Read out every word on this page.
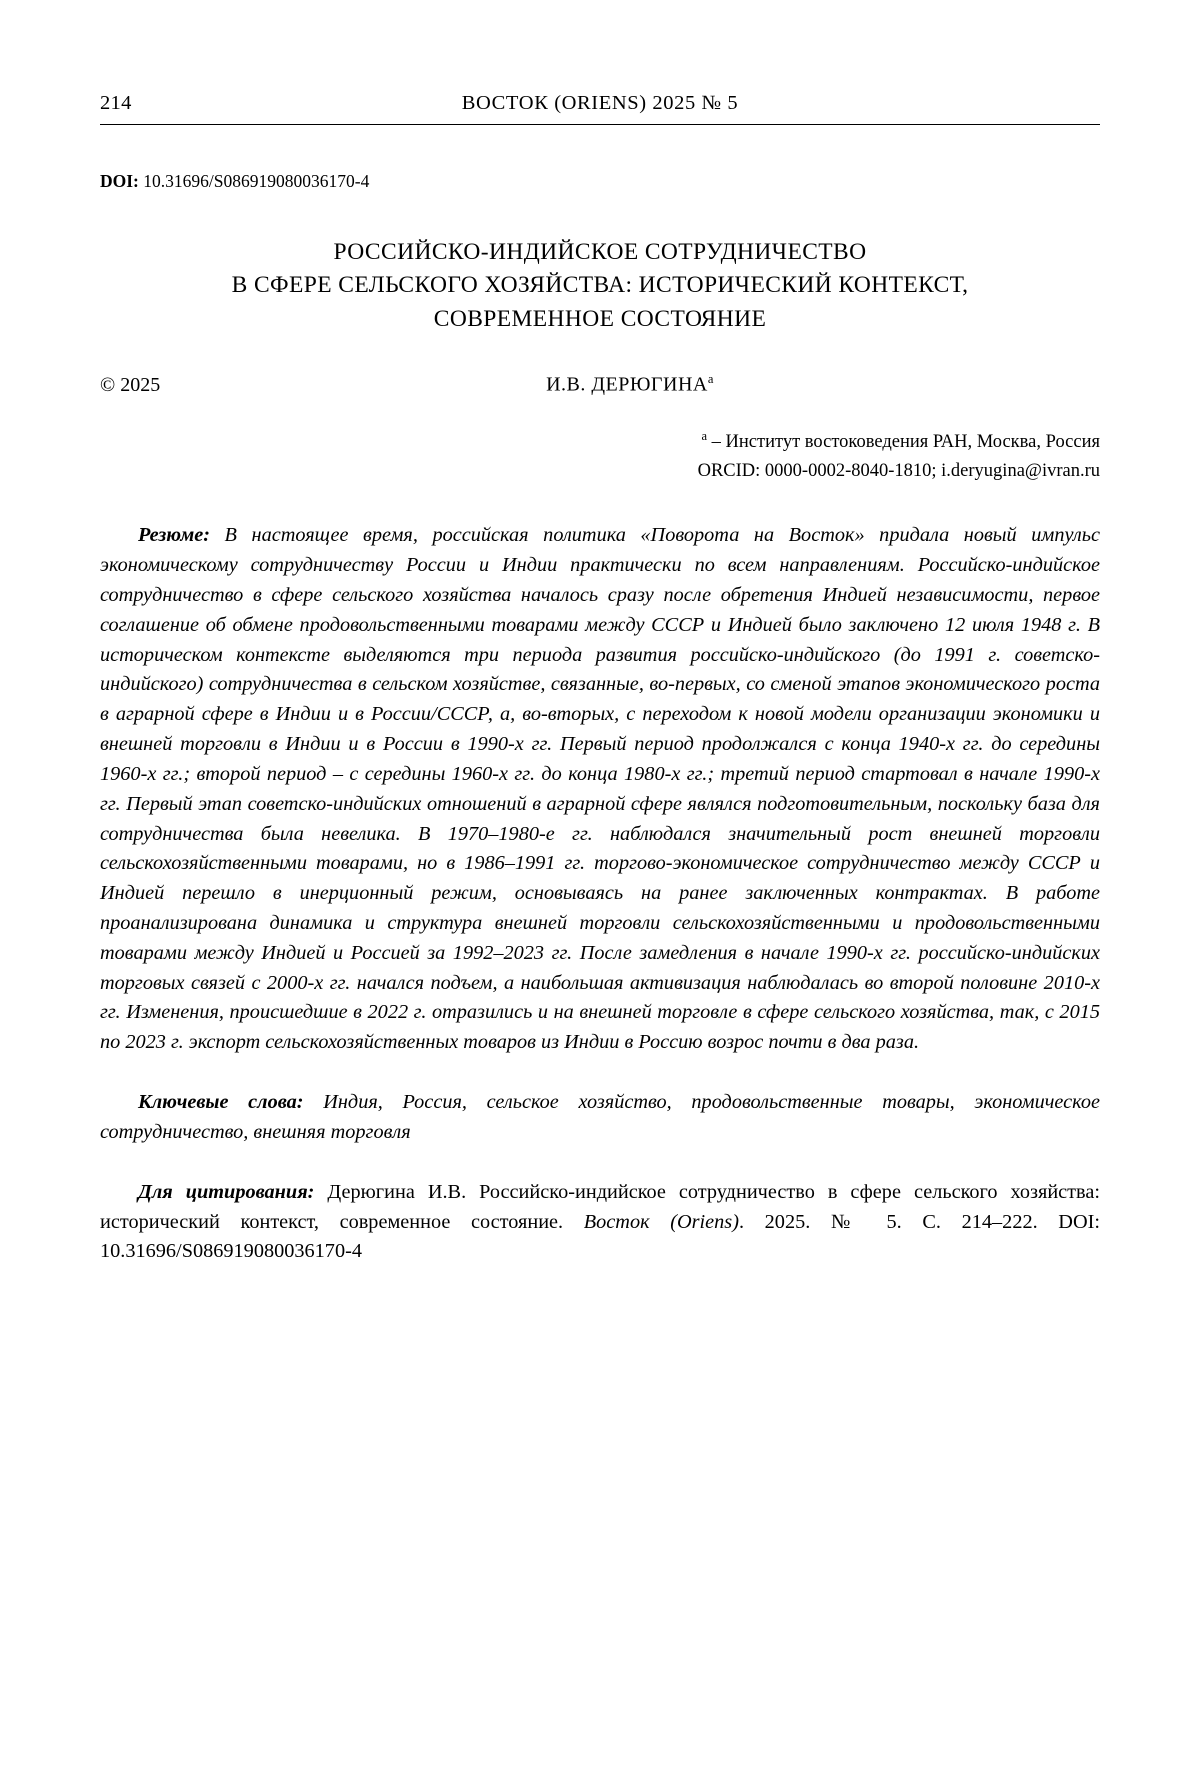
214	ВОСТОК (ORIENS) 2025 № 5
DOI: 10.31696/S086919080036170-4
РОССИЙСКО-ИНДИЙСКОЕ СОТРУДНИЧЕСТВО
В СФЕРЕ СЕЛЬСКОГО ХОЗЯЙСТВА: ИСТОРИЧЕСКИЙ КОНТЕКСТ,
СОВРЕМЕННОЕ СОСТОЯНИЕ
© 2025	И.В. ДЕРЮГИНА$^a$
$^a$ – Институт востоковедения РАН, Москва, Россия
ORCID: 0000-0002-8040-1810; i.deryugina@ivran.ru
Резюме: В настоящее время, российская политика «Поворота на Восток» придала новый импульс экономическому сотрудничеству России и Индии практически по всем направлениям. Российско-индийское сотрудничество в сфере сельского хозяйства началось сразу после обретения Индией независимости, первое соглашение об обмене продовольственными товарами между СССР и Индией было заключено 12 июля 1948 г. В историческом контексте выделяются три периода развития российско-индийского (до 1991 г. советско-индийского) сотрудничества в сельском хозяйстве, связанные, во-первых, со сменой этапов экономического роста в аграрной сфере в Индии и в России/СССР, а, во-вторых, с переходом к новой модели организации экономики и внешней торговли в Индии и в России в 1990-х гг. Первый период продолжался с конца 1940-х гг. до середины 1960-х гг.; второй период – с середины 1960-х гг. до конца 1980-х гг.; третий период стартовал в начале 1990-х гг. Первый этап советско-индийских отношений в аграрной сфере являлся подготовительным, поскольку база для сотрудничества была невелика. В 1970–1980-е гг. наблюдался значительный рост внешней торговли сельскохозяйственными товарами, но в 1986–1991 гг. торгово-экономическое сотрудничество между СССР и Индией перешло в инерционный режим, основываясь на ранее заключенных контрактах. В работе проанализирована динамика и структура внешней торговли сельскохозяйственными и продовольственными товарами между Индией и Россией за 1992–2023 гг. После замедления в начале 1990-х гг. российско-индийских торговых связей с 2000-х гг. начался подъем, а наибольшая активизация наблюдалась во второй половине 2010-х гг. Изменения, происшедшие в 2022 г. отразились и на внешней торговле в сфере сельского хозяйства, так, с 2015 по 2023 г. экспорт сельскохозяйственных товаров из Индии в Россию возрос почти в два раза.
Ключевые слова: Индия, Россия, сельское хозяйство, продовольственные товары, экономическое сотрудничество, внешняя торговля
Для цитирования: Дерюгина И.В. Российско-индийское сотрудничество в сфере сельского хозяйства: исторический контекст, современное состояние. Восток (Oriens). 2025. № 5. С. 214–222. DOI: 10.31696/S086919080036170-4
